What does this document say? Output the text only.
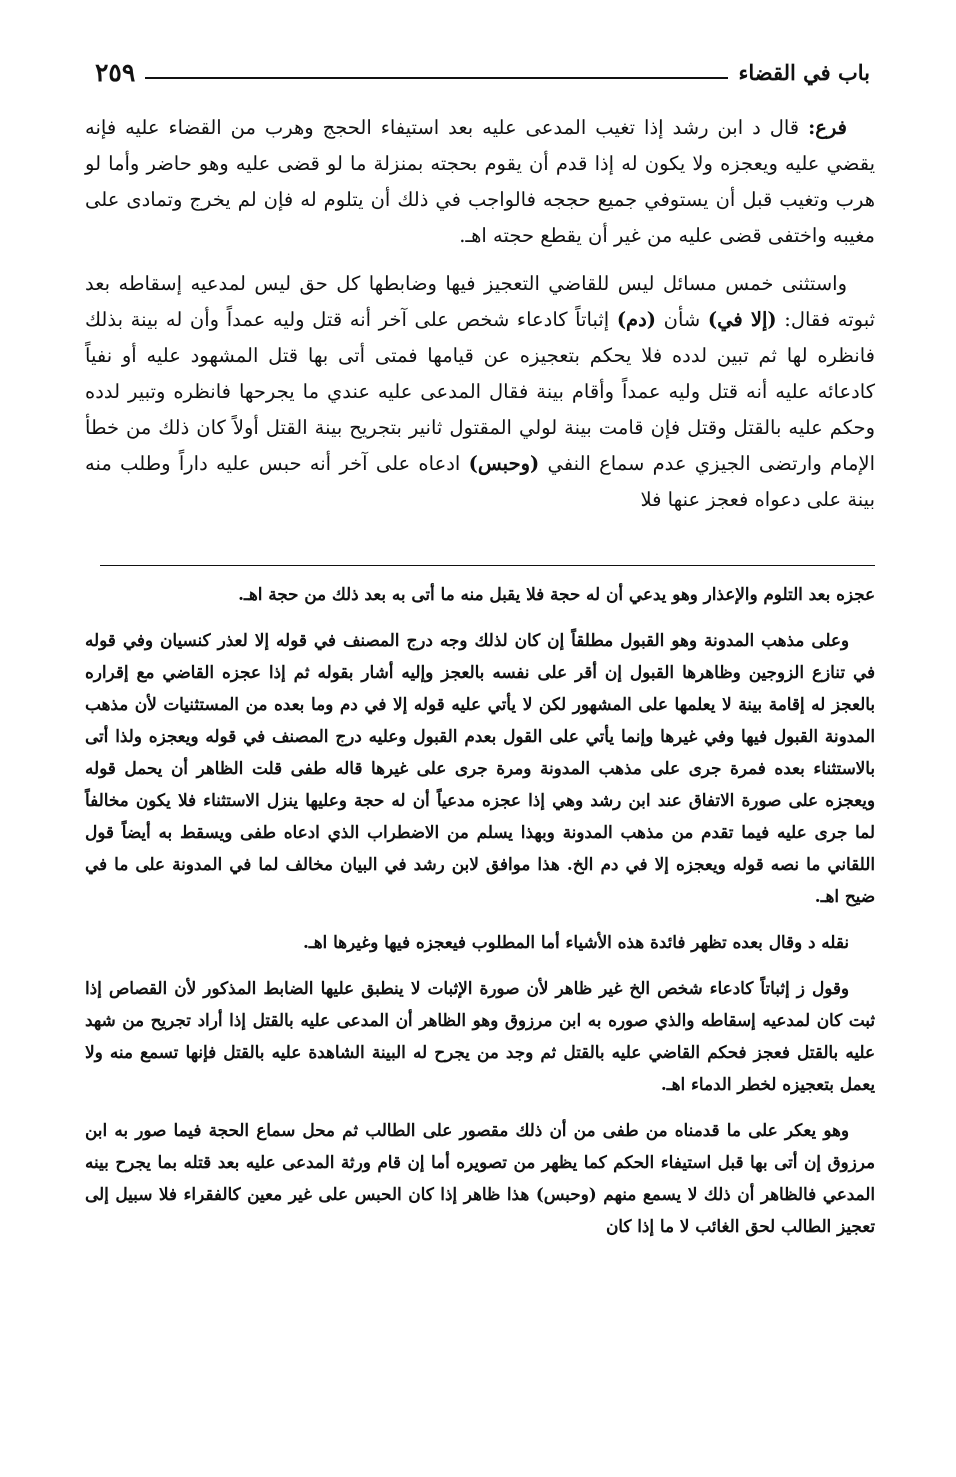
باب في القضاء
٢٥٩

فرع: قال د ابن رشد إذا تغيب المدعى عليه بعد استيفاء الحجج وهرب من القضاء عليه فإنه يقضي عليه ويعجزه ولا يكون له إذا قدم أن يقوم بحجته بمنزلة ما لو قضى عليه وهو حاضر وأما لو هرب وتغيب قبل أن يستوفي جميع حججه فالواجب في ذلك أن يتلوم له فإن لم يخرج وتمادى على مغيبه واختفى قضى عليه من غير أن يقطع حجته اهـ.

واستثنى خمس مسائل ليس للقاضي التعجيز فيها وضابطها كل حق ليس لمدعيه إسقاطه بعد ثبوته فقال: (إلا في) شأن (دم) إثباتاً كادعاء شخص على آخر أنه قتل وليه عمداً وأن له بينة بذلك فانظره لها ثم تبين لدده فلا يحكم بتعجيزه عن قيامها فمتى أتى بها قتل المشهود عليه أو نفياً كادعائه عليه أنه قتل وليه عمداً وأقام بينة فقال المدعى عليه عندي ما يجرحها فانظره وتبير لدده وحكم عليه بالقتل وقتل فإن قامت بينة لولي المقتول ثانير بتجريح بينة القتل أولاً كان ذلك من خطأ الإمام وارتضى الجيزي عدم سماع النفي (وحبس) ادعاه على آخر أنه حبس عليه داراً وطلب منه بينة على دعواه فعجز عنها فلا

عجزه بعد التلوم والإعذار وهو يدعي أن له حجة فلا يقبل منه ما أتى به بعد ذلك من حجة اهـ.

وعلى مذهب المدونة وهو القبول مطلقاً إن كان لذلك وجه درج المصنف في قوله إلا لعذر كنسيان وفي قوله في تنازع الزوجين وظاهرها القبول إن أقر على نفسه بالعجز وإليه أشار بقوله ثم إذا عجزه القاضي مع إقراره بالعجز له إقامة بينة لا يعلمها على المشهور لكن لا يأتي عليه قوله إلا في دم وما بعده من المستثنيات لأن مذهب المدونة القبول فيها وفي غيرها وإنما يأتي على القول بعدم القبول وعليه درج المصنف في قوله ويعجزه ولذا أتى بالاستثناء بعده فمرة جرى على مذهب المدونة ومرة جرى على غيرها قاله طفى قلت الظاهر أن يحمل قوله ويعجزه على صورة الاتفاق عند ابن رشد وهي إذا عجزه مدعياً أن له حجة وعليها ينزل الاستثناء فلا يكون مخالفاً لما جرى عليه فيما تقدم من مذهب المدونة وبهذا يسلم من الاضطراب الذي ادعاه طفى ويسقط به أيضاً قول اللقاني ما نصه قوله ويعجزه إلا في دم الخ. هذا موافق لابن رشد في البيان مخالف لما في المدونة على ما في ضيح اهـ.

نقله د وقال بعده تظهر فائدة هذه الأشياء أما المطلوب فيعجزه فيها وغيرها اهـ.

وقول ز إثباتاً كادعاء شخص الخ غير ظاهر لأن صورة الإثبات لا ينطبق عليها الضابط المذكور لأن القصاص إذا ثبت كان لمدعيه إسقاطه والذي صوره به ابن مرزوق وهو الظاهر أن المدعى عليه بالقتل إذا أراد تجريح من شهد عليه بالقتل فعجز فحكم القاضي عليه بالقتل ثم وجد من يجرح له البينة الشاهدة عليه بالقتل فإنها تسمع منه ولا يعمل بتعجيزه لخطر الدماء اهـ.

وهو يعكر على ما قدمناه من طفى من أن ذلك مقصور على الطالب ثم محل سماع الحجة فيما صور به ابن مرزوق إن أتى بها قبل استيفاء الحكم كما يظهر من تصويره أما إن قام ورثة المدعى عليه بعد قتله بما يجرح بينه المدعي فالظاهر أن ذلك لا يسمع منهم (وحبس) هذا ظاهر إذا كان الحبس على غير معين كالفقراء فلا سبيل إلى تعجيز الطالب لحق الغائب لا ما إذا كان
